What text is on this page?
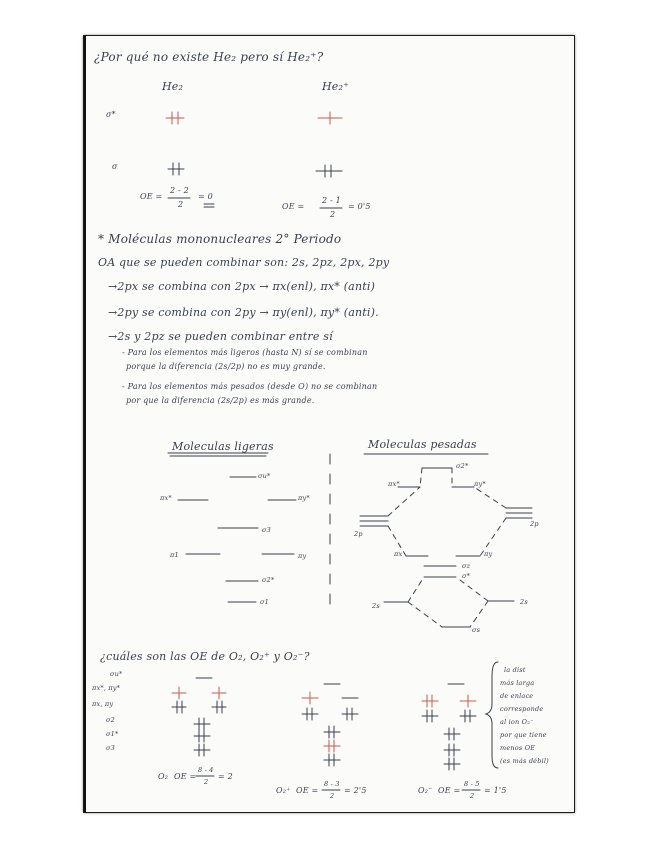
¿Por qué no existe He₂ pero sí He₂⁺?
He₂	He₂⁺
σ*
σ
OE =
2 - 2
2
= 0
OE =
2 - 1
2
= 0'5
* Moléculas mononucleares 2° Periodo
OA que se pueden combinar son: 2s, 2pz, 2px, 2py
→2px se combina con 2px → πx(enl), πx* (anti)
→2py se combina con 2py → πy(enl), πy* (anti).
→2s y 2pz se pueden combinar entre sí
- Para los elementos más ligeros (hasta N) sí se combinan
porque la diferencia (2s/2p) no es muy grande.
- Para los elementos más pesados (desde O) no se combinan
por que la diferencia (2s/2p) es más grande.
Moleculas ligeras	Moleculas pesadas
σu*
πx*	πy*
σ3
π1	πy
σ2*
σ1
σ2*
πx*	πy*
2p
2p
πx	πy
σz
σ*
2s	2s
σs
¿cuáles son las OE de O₂, O₂⁺ y O₂⁻?
σu*
πx*, πy*
πx, πy
σ2
σ1*
σ3
O₂ OE =
8 - 4
2
= 2
O₂⁺ OE =
8 - 3
2
= 2'5	O₂⁻ OE =
8 - 5
2
= 1'5
la dist
más larga
de enlace
corresponde
al ion O₂⁻
por que tiene
menos OE
(es más débil)
